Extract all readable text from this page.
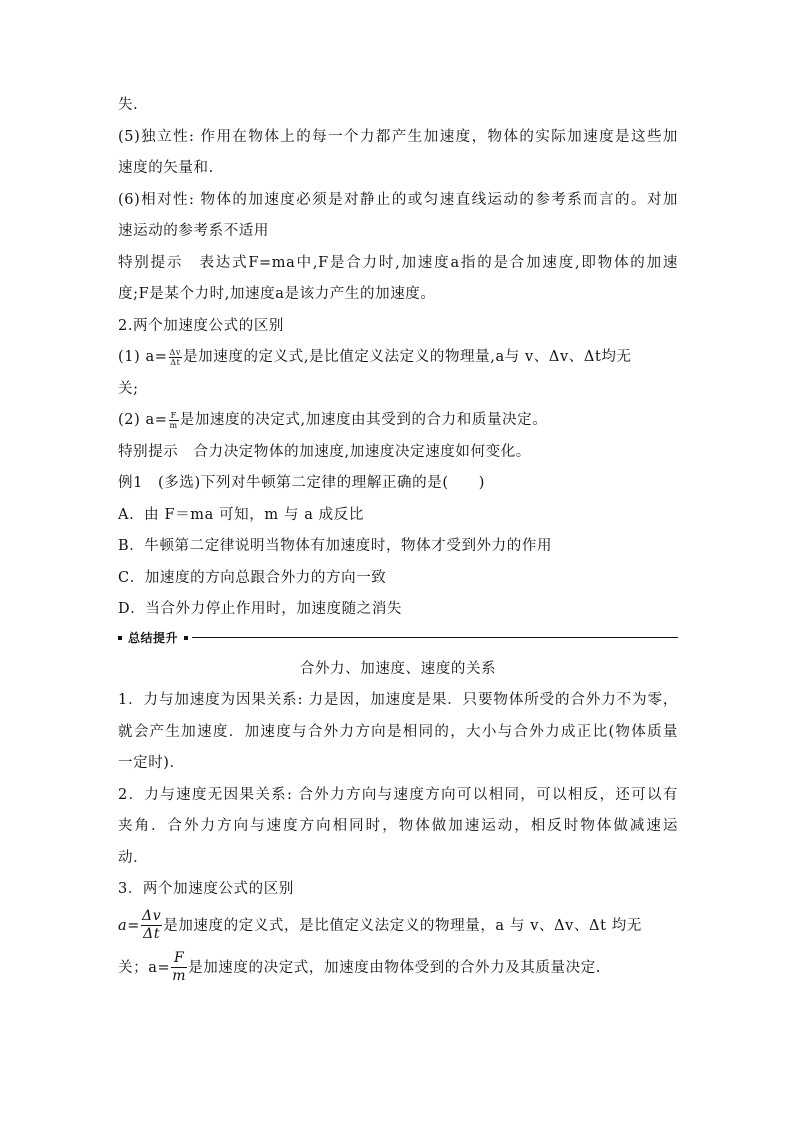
失.
(5)独立性: 作用在物体上的每一个力都产生加速度，物体的实际加速度是这些加
速度的矢量和.
(6)相对性: 物体的加速度必须是对静止的或匀速直线运动的参考系而言的。对加
速运动的参考系不适用
特别提示　表达式F=ma中,F是合力时,加速度a指的是合加速度,即物体的加速
度;F是某个力时,加速度a是该力产生的加速度。
2.两个加速度公式的区别
(1) $a= \frac{\Delta v}{\Delta t}$ 是加速度的定义式,是比值定义法定义的物理量,a与 v、Δv、Δt均无
关;
(2) $a= \frac{F}{m}$ 是加速度的决定式,加速度由其受到的合力和质量决定。
特别提示　合力决定物体的加速度,加速度决定速度如何变化。
例1　(多选)下列对牛顿第二定律的理解正确的是(　　)
A．由 F＝ma 可知，m 与 a 成反比
B．牛顿第二定律说明当物体有加速度时，物体才受到外力的作用
C．加速度的方向总跟合外力的方向一致
D．当合外力停止作用时，加速度随之消失
总结提升
合外力、加速度、速度的关系
1．力与加速度为因果关系: 力是因，加速度是果．只要物体所受的合外力不为零，
就会产生加速度．加速度与合外力方向是相同的，大小与合外力成正比(物体质量
一定时)．
2．力与速度无因果关系: 合外力方向与速度方向可以相同，可以相反，还可以有
夹角．合外力方向与速度方向相同时，物体做加速运动，相反时物体做减速运
动．
3．两个加速度公式的区别
$a= \frac{\Delta v}{\Delta t}$ 是加速度的定义式，是比值定义法定义的物理量，a 与 v、Δv、Δt 均无
关；$a= \frac{F}{m}$ 是加速度的决定式，加速度由物体受到的合外力及其质量决定.
